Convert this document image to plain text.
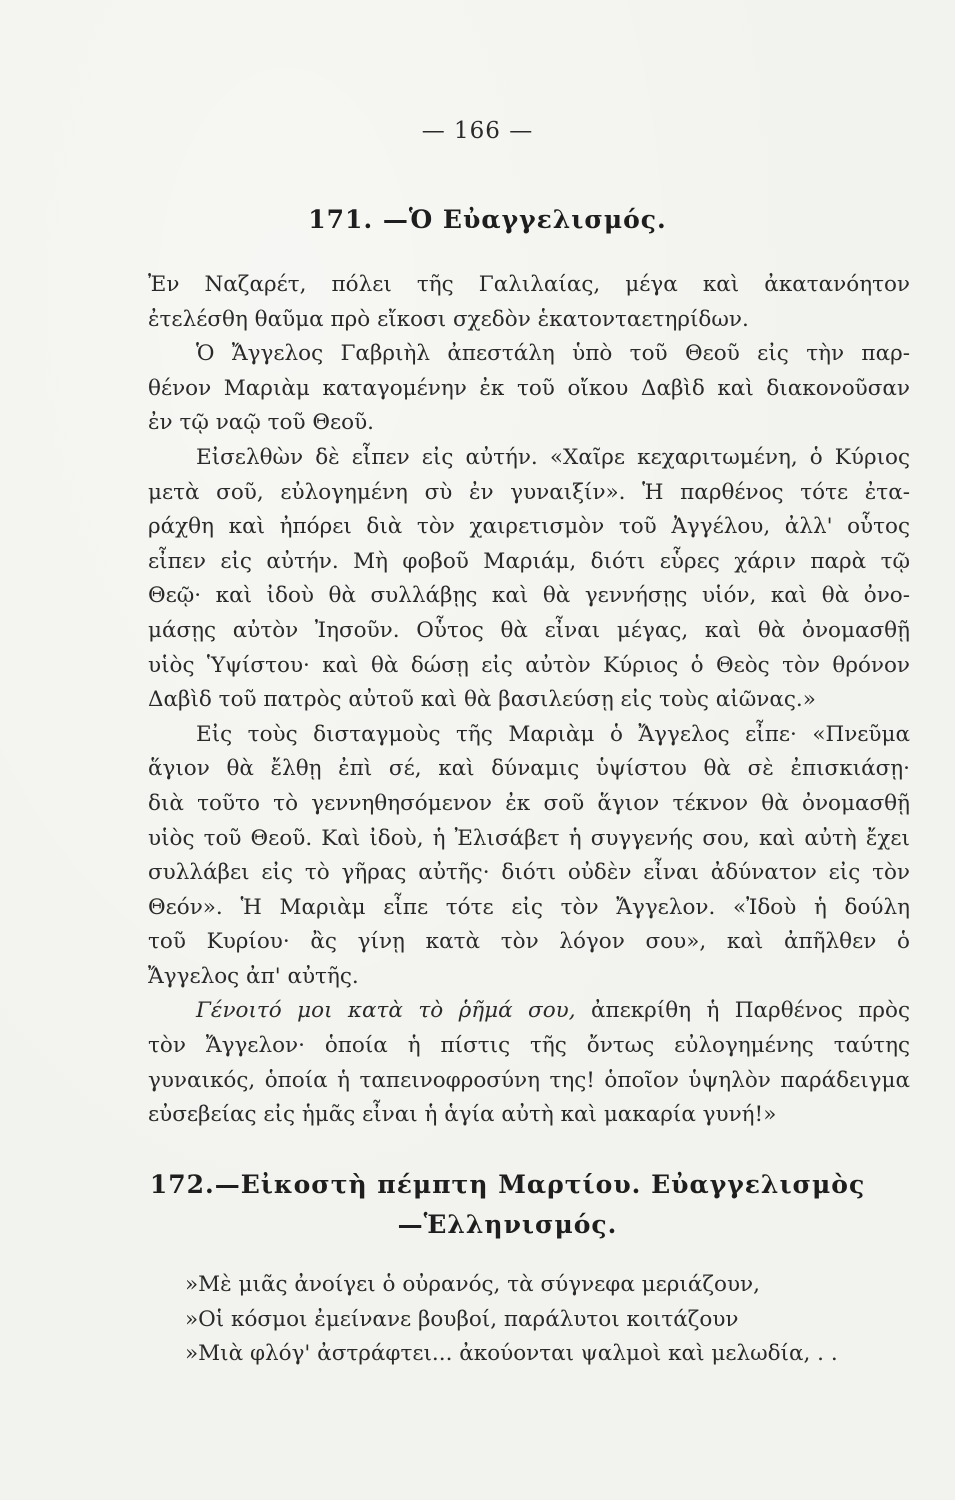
— 166 —
171. —Ὁ Εὐαγγελισμός.
Ἐν Ναζαρέτ, πόλει τῆς Γαλιλαίας, μέγα καὶ ἀκατανόητον
ἐτελέσθη θαῦμα πρὸ εἴκοσι σχεδὸν ἑκατονταετηρίδων.
Ὁ Ἄγγελος Γαβριὴλ ἀπεστάλη ὑπὸ τοῦ Θεοῦ εἰς τὴν παρ-
θένον Μαριὰμ καταγομένην ἐκ τοῦ οἴκου Δαβὶδ καὶ διακονοῦσαν
ἐν τῷ ναῷ τοῦ Θεοῦ.
Εἰσελθὼν δὲ εἶπεν εἰς αὐτήν. «Χαῖρε κεχαριτωμένη, ὁ Κύριος
μετὰ σοῦ, εὐλογημένη σὺ ἐν γυναιξίν». Ἡ παρθένος τότε ἐτα-
ράχθη καὶ ἠπόρει διὰ τὸν χαιρετισμὸν τοῦ Ἀγγέλου, ἀλλ' οὗτος
εἶπεν εἰς αὐτήν. Μὴ φοβοῦ Μαριάμ, διότι εὗρες χάριν παρὰ τῷ
Θεῷ· καὶ ἰδοὺ θὰ συλλάβῃς καὶ θὰ γεννήσῃς υἱόν, καὶ θὰ ὀνο-
μάσῃς αὐτὸν Ἰησοῦν. Οὗτος θὰ εἶναι μέγας, καὶ θὰ ὀνομασθῇ
υἱὸς Ὑψίστου· καὶ θὰ δώσῃ εἰς αὐτὸν Κύριος ὁ Θεὸς τὸν θρόνον
Δαβὶδ τοῦ πατρὸς αὐτοῦ καὶ θὰ βασιλεύσῃ εἰς τοὺς αἰῶνας.»
Εἰς τοὺς δισταγμοὺς τῆς Μαριὰμ ὁ Ἄγγελος εἶπε· «Πνεῦμα
ἅγιον θὰ ἔλθῃ ἐπὶ σέ, καὶ δύναμις ὑψίστου θὰ σὲ ἐπισκιάσῃ·
διὰ τοῦτο τὸ γεννηθησόμενον ἐκ σοῦ ἅγιον τέκνον θὰ ὀνομασθῇ
υἱὸς τοῦ Θεοῦ. Καὶ ἰδοὺ, ἡ Ἐλισάβετ ἡ συγγενής σου, καὶ αὐτὴ ἔχει
συλλάβει εἰς τὸ γῆρας αὐτῆς· διότι οὐδὲν εἶναι ἀδύνατον εἰς τὸν
Θεόν». Ἡ Μαριὰμ εἶπε τότε εἰς τὸν Ἄγγελον. «Ἰδοὺ ἡ δούλη
τοῦ Κυρίου· ἂς γίνῃ κατὰ τὸν λόγον σου», καὶ ἀπῆλθεν ὁ
Ἄγγελος ἀπ' αὐτῆς.
Γένοιτό μοι κατὰ τὸ ῥῆμά σου, ἀπεκρίθη ἡ Παρθένος πρὸς
τὸν Ἄγγελον· ὁποία ἡ πίστις τῆς ὄντως εὐλογημένης ταύτης
γυναικός, ὁποία ἡ ταπεινοφροσύνη της! ὁποῖον ὑψηλὸν παράδειγμα
εὐσεβείας εἰς ἡμᾶς εἶναι ἡ ἁγία αὐτὴ καὶ μακαρία γυνή!»
172.—Εἰκοστὴ πέμπτη Μαρτίου. Εὐαγγελισμὸς
—Ἑλληνισμός.
»Μὲ μιᾶς ἀνοίγει ὁ οὐρανός, τὰ σύγνεφα μεριάζουν,
»Οἱ κόσμοι ἐμείνανε βουβοί, παράλυτοι κοιτάζουν
»Μιὰ φλόγ' ἀστράφτει... ἀκούονται ψαλμοὶ καὶ μελωδία, . .
